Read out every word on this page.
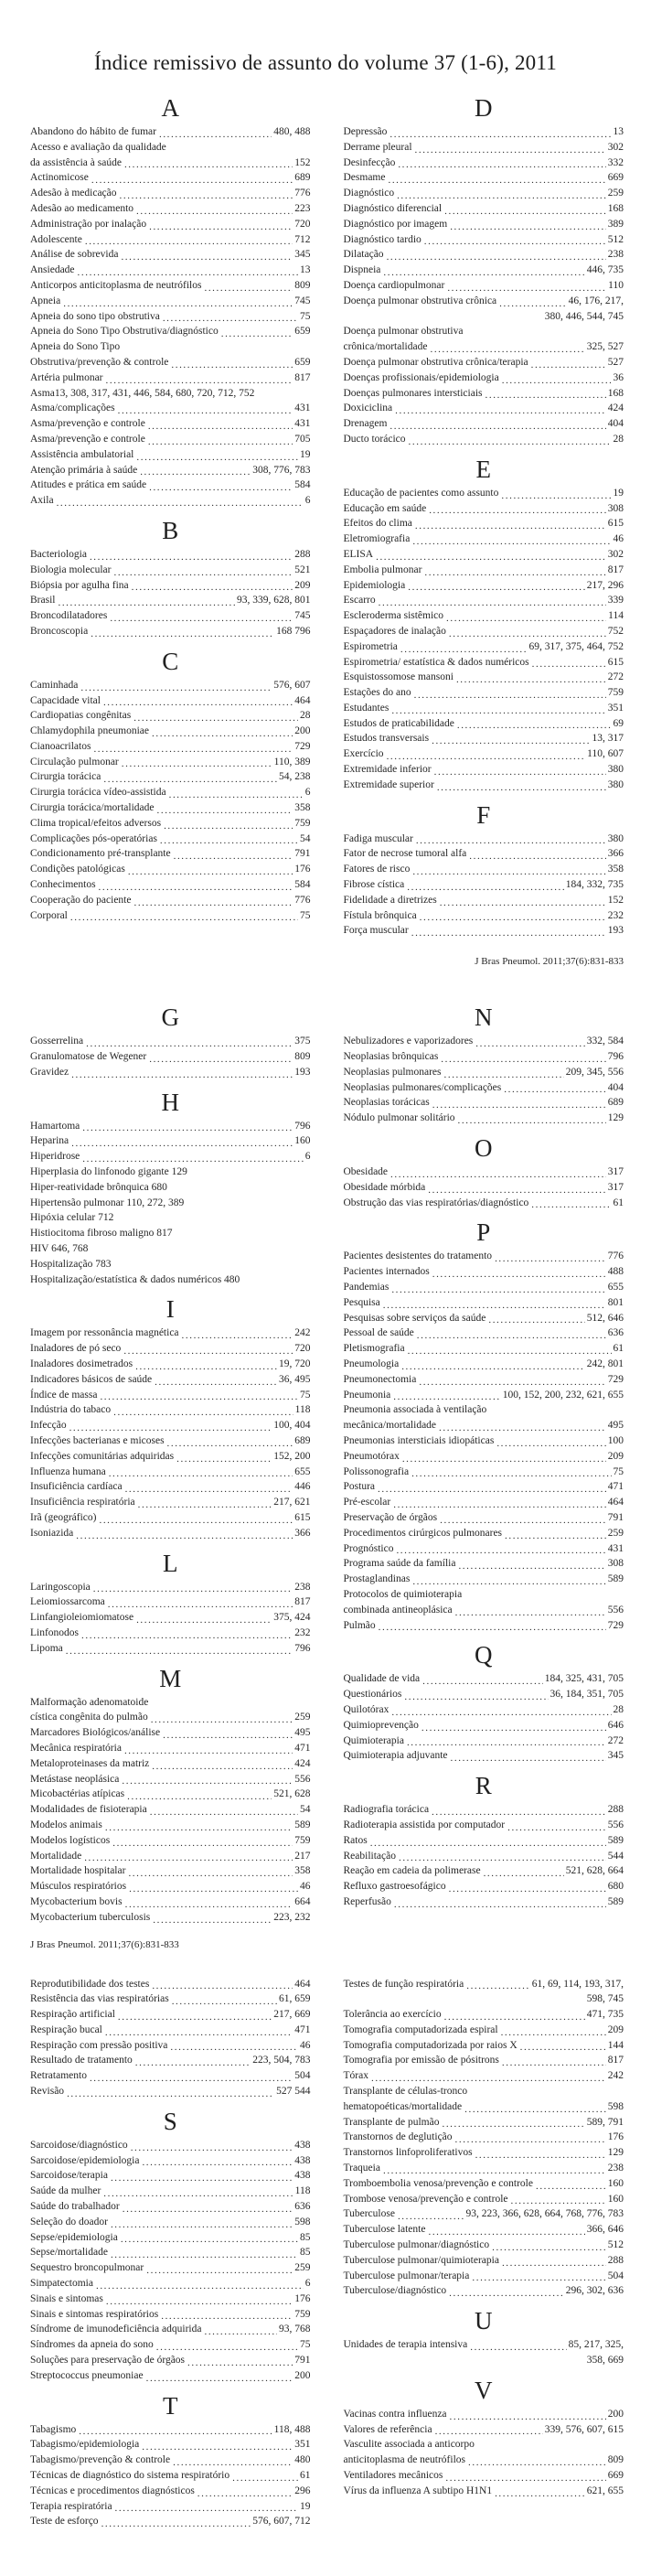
Índice remissivo de assunto do volume 37 (1-6), 2011
A
Abandono do hábito de fumar .....	480, 488
Acesso e avaliação da qualidade
da assistência à saúde .....	152
Actinomicose .....	689
Adesão à medicação .....	776
Adesão ao medicamento .....	223
Administração por inalação .....	720
Adolescente .....	712
Análise de sobrevida .....	345
Ansiedade .....	13
Anticorpos anticitoplasma de neutrófilos .....	809
Apneia .....	745
Apneia do sono tipo obstrutiva .....	75
Apneia do Sono Tipo Obstrutiva/diagnóstico .....	659
Apneia do Sono Tipo
Obstrutiva/prevenção & controle .....	659
Artéria pulmonar .....	817
Asma13, 308, 317, 431, 446, 584, 680, 720, 712, 752
Asma/complicações .....	431
Asma/prevenção e controle .....	431
Asma/prevenção e controle .....	705
Assistência ambulatorial .....	19
Atenção primária à saúde .....	308, 776, 783
Atitudes e prática em saúde .....	584
Axila .....	6
B
Bacteriologia .....	288
Biologia molecular .....	521
Biópsia por agulha fina .....	209
Brasil .....	93, 339, 628, 801
Broncodilatadores .....	745
Broncoscopia .....	168 796
C
Caminhada .....	576, 607
Capacidade vital .....	464
Cardiopatias congênitas .....	28
Chlamydophila pneumoniae .....	200
Cianoacrilatos .....	729
Circulação pulmonar .....	110, 389
Cirurgia torácica .....	54, 238
Cirurgia torácica vídeo-assistida .....	6
Cirurgia torácica/mortalidade .....	358
Clima tropical/efeitos adversos .....	759
Complicações pós-operatórias .....	54
Condicionamento pré-transplante .....	791
Condições patológicas .....	176
Conhecimentos .....	584
Cooperação do paciente .....	776
Corporal .....	75
D
Depressão .....	13
Derrame pleural .....	302
Desinfecção .....	332
Desmame .....	669
Diagnóstico .....	259
Diagnóstico diferencial .....	168
Diagnóstico por imagem .....	389
Diagnóstico tardio .....	512
Dilatação .....	238
Dispneia .....	446, 735
Doença cardiopulmonar .....	110
Doença pulmonar obstrutiva crônica .....	46, 176, 217,
380, 446, 544, 745
Doença pulmonar obstrutiva
crônica/mortalidade .....	325, 527
Doença pulmonar obstrutiva crônica/terapia .....	527
Doenças profissionais/epidemiologia .....	36
Doenças pulmonares intersticiais .....	168
Doxiciclina .....	424
Drenagem .....	404
Ducto torácico .....	28
E
Educação de pacientes como assunto .....	19
Educação em saúde .....	308
Efeitos do clima .....	615
Eletromiografia .....	46
ELISA .....	302
Embolia pulmonar .....	817
Epidemiologia .....	217, 296
Escarro .....	339
Escleroderma sistêmico .....	114
Espaçadores de inalação .....	752
Espirometria .....	69, 317, 375, 464, 752
Espirometria/ estatística & dados numéricos .....	615
Esquistossomose mansoni .....	272
Estações do ano .....	759
Estudantes .....	351
Estudos de praticabilidade .....	69
Estudos transversais .....	13, 317
Exercício .....	110, 607
Extremidade inferior .....	380
Extremidade superior .....	380
F
Fadiga muscular .....	380
Fator de necrose tumoral alfa .....	366
Fatores de risco .....	358
Fibrose cística .....	184, 332, 735
Fidelidade a diretrizes .....	152
Fístula brônquica .....	232
Força muscular .....	193
J Bras Pneumol. 2011;37(6):831-833
G
Gosserrelina .....	375
Granulomatose de Wegener .....	809
Gravidez .....	193
H
Hamartoma .....	796
Heparina .....	160
Hiperidrose .....	6
Hiperplasia do linfonodo gigante 129
Hiper-reatividade brônquica 680
Hipertensão pulmonar 110, 272, 389
Hipóxia celular 712
Histiocitoma fibroso maligno 817
HIV 646, 768
Hospitalização 783
Hospitalização/estatística & dados numéricos 480
I
Imagem por ressonância magnética .....	242
Inaladores de pó seco .....	720
Inaladores dosimetrados .....	19, 720
Indicadores básicos de saúde .....	36, 495
Índice de massa .....	75
Indústria do tabaco .....	118
Infecção .....	100, 404
Infecções bacterianas e micoses .....	689
Infecções comunitárias adquiridas .....	152, 200
Influenza humana .....	655
Insuficiência cardíaca .....	446
Insuficiência respiratória .....	217, 621
Irã (geográfico) .....	615
Isoniazida .....	366
L
Laringoscopia .....	238
Leiomiossarcoma .....	817
Linfangioleiomiomatose .....	375, 424
Linfonodos .....	232
Lipoma .....	796
M
Malformação adenomatoide
cística congênita do pulmão .....	259
Marcadores Biológicos/análise .....	495
Mecânica respiratória .....	471
Metaloproteinases da matriz .....	424
Metástase neoplásica .....	556
Micobactérias atípicas .....	521, 628
Modalidades de fisioterapia .....	54
Modelos animais .....	589
Modelos logísticos .....	759
Mortalidade .....	217
Mortalidade hospitalar .....	358
Músculos respiratórios .....	46
Mycobacterium bovis .....	664
Mycobacterium tuberculosis .....	223, 232
N
Nebulizadores e vaporizadores .....	332, 584
Neoplasias brônquicas .....	796
Neoplasias pulmonares .....	209, 345, 556
Neoplasias pulmonares/complicações .....	404
Neoplasias torácicas .....	689
Nódulo pulmonar solitário .....	129
O
Obesidade .....	317
Obesidade mórbida .....	317
Obstrução das vias respiratórias/diagnóstico .....	61
P
Pacientes desistentes do tratamento .....	776
Pacientes internados .....	488
Pandemias .....	655
Pesquisa .....	801
Pesquisas sobre serviços da saúde .....	512, 646
Pessoal de saúde .....	636
Pletismografia .....	61
Pneumologia .....	242, 801
Pneumonectomia .....	729
Pneumonia .....	100, 152, 200, 232, 621, 655
Pneumonia associada à ventilação
mecânica/mortalidade .....	495
Pneumonias intersticiais idiopáticas .....	100
Pneumotórax .....	209
Polissonografia .....	75
Postura .....	471
Pré-escolar .....	464
Preservação de órgãos .....	791
Procedimentos cirúrgicos pulmonares .....	259
Prognóstico .....	431
Programa saúde da família .....	308
Prostaglandinas .....	589
Protocolos de quimioterapia
combinada antineoplásica .....	556
Pulmão .....	729
Q
Qualidade de vida .....	184, 325, 431, 705
Questionários .....	36, 184, 351, 705
Quilotórax .....	28
Quimioprevenção .....	646
Quimioterapia .....	272
Quimioterapia adjuvante .....	345
R
Radiografia torácica .....	288
Radioterapia assistida por computador .....	556
Ratos .....	589
Reabilitação .....	544
Reação em cadeia da polimerase .....	521, 628, 664
Refluxo gastroesofágico .....	680
Reperfusão .....	589
J Bras Pneumol. 2011;37(6):831-833
Reprodutibilidade dos testes .....	464
Resistência das vias respiratórias .....	61, 659
Respiração artificial .....	217, 669
Respiração bucal .....	471
Respiração com pressão positiva .....	46
Resultado de tratamento .....	223, 504, 783
Retratamento .....	504
Revisão .....	527 544
S
Sarcoidose/diagnóstico .....	438
Sarcoidose/epidemiologia .....	438
Sarcoidose/terapia .....	438
Saúde da mulher .....	118
Saúde do trabalhador .....	636
Seleção do doador .....	598
Sepse/epidemiologia .....	85
Sepse/mortalidade .....	85
Sequestro broncopulmonar .....	259
Simpatectomia .....	6
Sinais e sintomas .....	176
Sinais e sintomas respiratórios .....	759
Síndrome de imunodeficiência adquirida .....	93, 768
Síndromes da apneia do sono .....	75
Soluções para preservação de órgãos .....	791
Streptococcus pneumoniae .....	200
T
Tabagismo .....	118, 488
Tabagismo/epidemiologia .....	351
Tabagismo/prevenção & controle .....	480
Técnicas de diagnóstico do sistema respiratório .....	61
Técnicas e procedimentos diagnósticos .....	296
Terapia respiratória .....	19
Teste de esforço .....	576, 607, 712
Testes de função respiratória .....	61, 69, 114, 193, 317,
598, 745
Tolerância ao exercício .....	471, 735
Tomografia computadorizada espiral .....	209
Tomografia computadorizada por raios X .....	144
Tomografia por emissão de pósitrons .....	817
Tórax .....	242
Transplante de células-tronco
hematopoéticas/mortalidade .....	598
Transplante de pulmão .....	589, 791
Transtornos de deglutição .....	176
Transtornos linfoproliferativos .....	129
Traqueia .....	238
Tromboembolia venosa/prevenção e controle .....	160
Trombose venosa/prevenção e controle .....	160
Tuberculose .....	93, 223, 366, 628, 664, 768, 776, 783
Tuberculose latente .....	366, 646
Tuberculose pulmonar/diagnóstico .....	512
Tuberculose pulmonar/quimioterapia .....	288
Tuberculose pulmonar/terapia .....	504
Tuberculose/diagnóstico .....	296, 302, 636
U
Unidades de terapia intensiva .....	85, 217, 325,
358, 669
V
Vacinas contra influenza .....	200
Valores de referência .....	339, 576, 607, 615
Vasculite associada a anticorpo
anticitoplasma de neutrófilos .....	809
Ventiladores mecânicos .....	669
Vírus da influenza A subtipo H1N1 .....	621, 655
